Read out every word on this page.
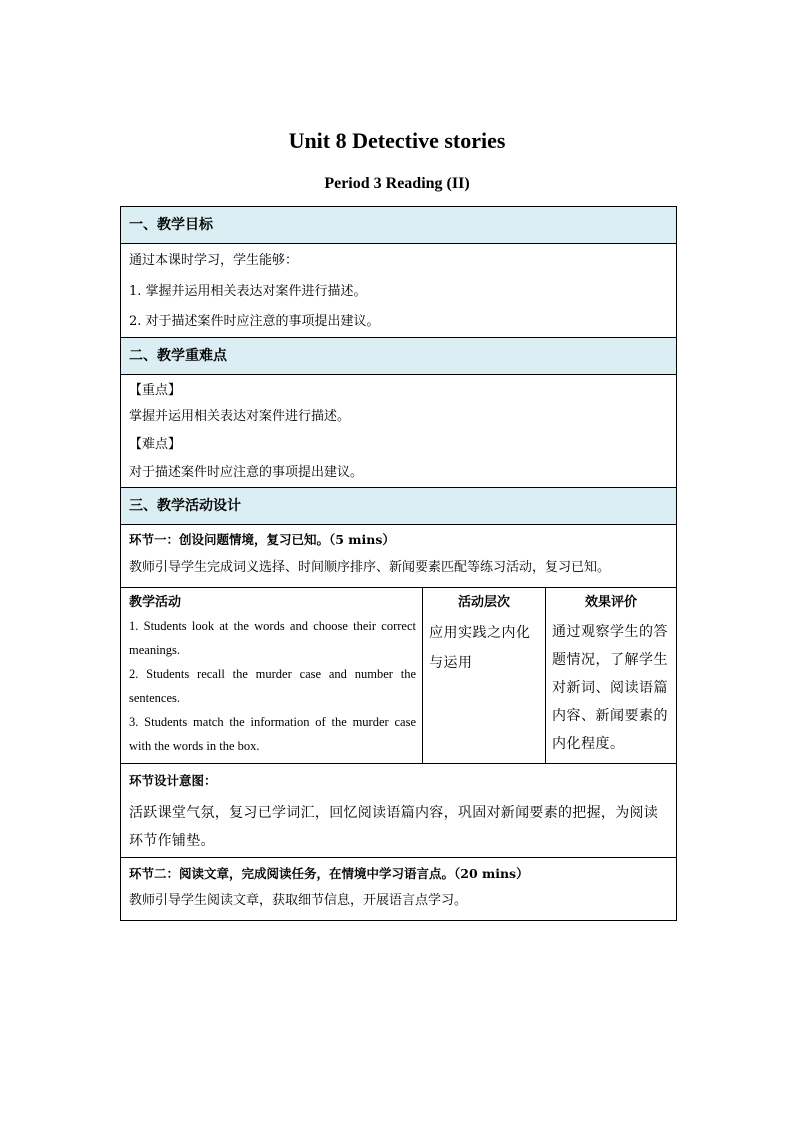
Unit 8 Detective stories
Period 3 Reading (II)
一、教学目标
通过本课时学习，学生能够：
1. 掌握并运用相关表达对案件进行描述。
2. 对于描述案件时应注意的事项提出建议。
二、教学重难点
【重点】
掌握并运用相关表达对案件进行描述。
【难点】
对于描述案件时应注意的事项提出建议。
三、教学活动设计
环节一：创设问题情境，复习已知。（5 mins）
教师引导学生完成词义选择、时间顺序排序、新闻要素匹配等练习活动，复习已知。
教学活动
1. Students look at the words and choose their correct meanings.
2. Students recall the murder case and number the sentences.
3. Students match the information of the murder case with the words in the box.
活动层次
应用实践之内化与运用
效果评价
通过观察学生的答题情况，了解学生对新词、阅读语篇内容、新闻要素的内化程度。
环节设计意图：
活跃课堂气氛，复习已学词汇，回忆阅读语篇内容，巩固对新闻要素的把握，为阅读环节作铺垫。
环节二：阅读文章，完成阅读任务，在情境中学习语言点。（20 mins）
教师引导学生阅读文章，获取细节信息，开展语言点学习。
